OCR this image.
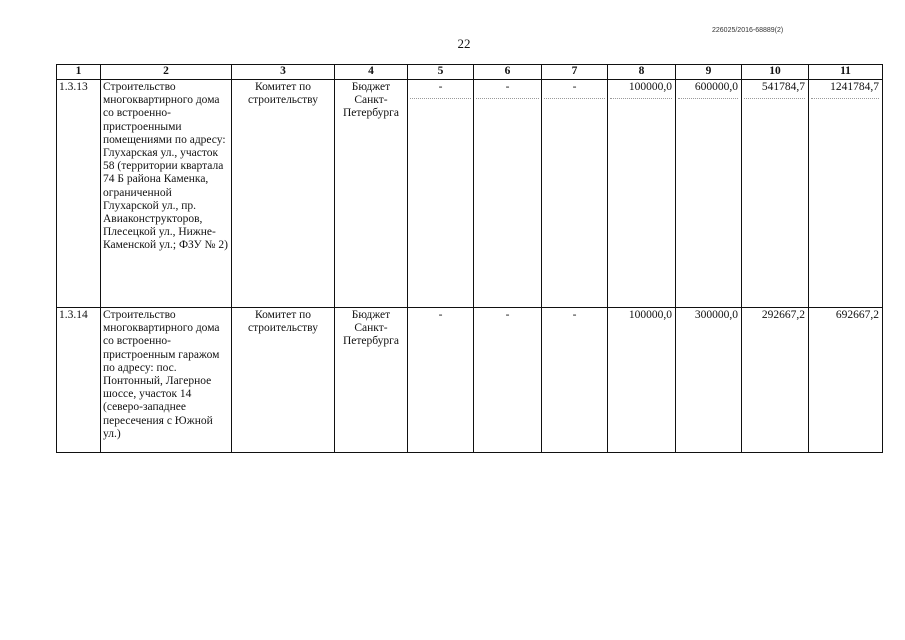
22
226025/2016-68889(2)
1	2	3	4	5	6	7	8	9	10	11
1.3.13	Строительство многоквартирного дома со встроенно-пристроенными помещениями по адресу: Глухарская ул., участок 58 (территории квартала 74 Б района Каменка, ограниченной Глухарской ул., пр. Авиаконструкторов, Плесецкой ул., Нижне-Каменской ул.; ФЗУ № 2)	Комитет по строительству	Бюджет Санкт-Петербурга	-	-	-	100000,0	600000,0	541784,7	1241784,7

1.3.14	Строительство многоквартирного дома со встроенно-пристроенным гаражом по адресу: пос. Понтонный, Лагерное шоссе, участок 14 (северо-западнее пересечения с Южной ул.)	Комитет по строительству	Бюджет Санкт-Петербурга	-	-	-	100000,0	300000,0	292667,2	692667,2
